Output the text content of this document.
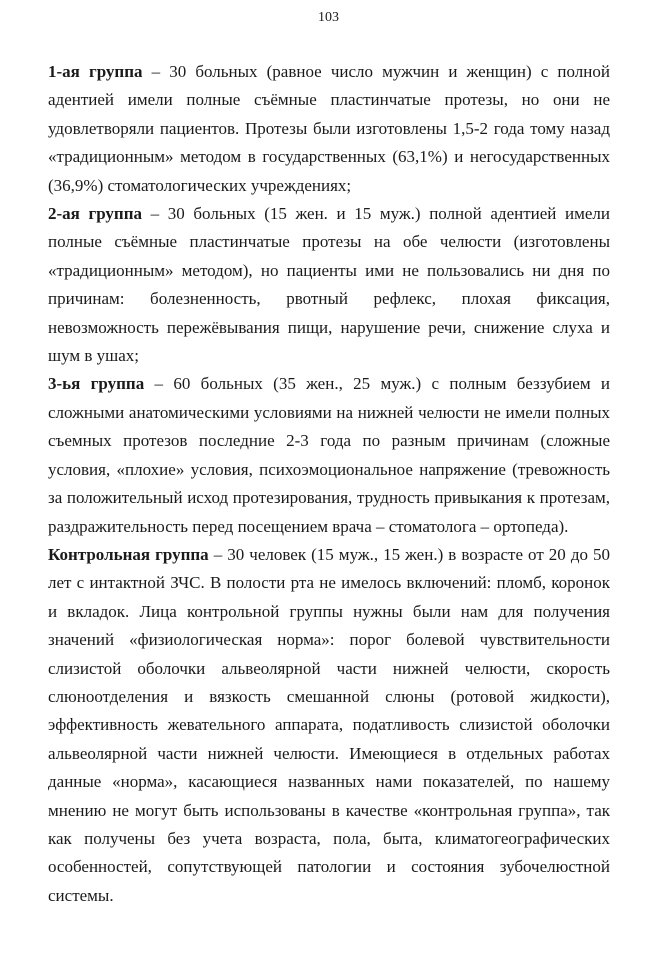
103

1-ая группа – 30 больных (равное число мужчин и женщин) с полной адентией имели полные съёмные пластинчатые протезы, но они не удовлетворяли пациентов. Протезы были изготовлены 1,5-2 года тому назад «традиционным» методом в государственных (63,1%) и негосударственных (36,9%) стоматологических учреждениях;

2-ая группа – 30 больных (15 жен. и 15 муж.) полной адентией имели полные съёмные пластинчатые протезы на обе челюсти (изготовлены «традиционным» методом), но пациенты ими не пользовались ни дня по причинам: болезненность, рвотный рефлекс, плохая фиксация, невозможность пережёвывания пищи, нарушение речи, снижение слуха и шум в ушах;

3-ья группа – 60 больных (35 жен., 25 муж.) с полным беззубием и сложными анатомическими условиями на нижней челюсти не имели полных съемных протезов последние 2-3 года по разным причинам (сложные условия, «плохие» условия, психоэмоциональное напряжение (тревожность за положительный исход протезирования, трудность привыкания к протезам, раздражительность перед посещением врача – стоматолога – ортопеда).

Контрольная группа – 30 человек (15 муж., 15 жен.) в возрасте от 20 до 50 лет с интактной ЗЧС. В полости рта не имелось включений: пломб, коронок и вкладок. Лица контрольной группы нужны были нам для получения значений «физиологическая норма»: порог болевой чувствительности слизистой оболочки альвеолярной части нижней челюсти, скорость слюноотделения и вязкость смешанной слюны (ротовой жидкости), эффективность жевательного аппарата, податливость слизистой оболочки альвеолярной части нижней челюсти. Имеющиеся в отдельных работах данные «норма», касающиеся названных нами показателей, по нашему мнению не могут быть использованы в качестве «контрольная группа», так как получены без учета возраста, пола, быта, климатогеографических особенностей, сопутствующей патологии и состояния зубочелюстной системы.
